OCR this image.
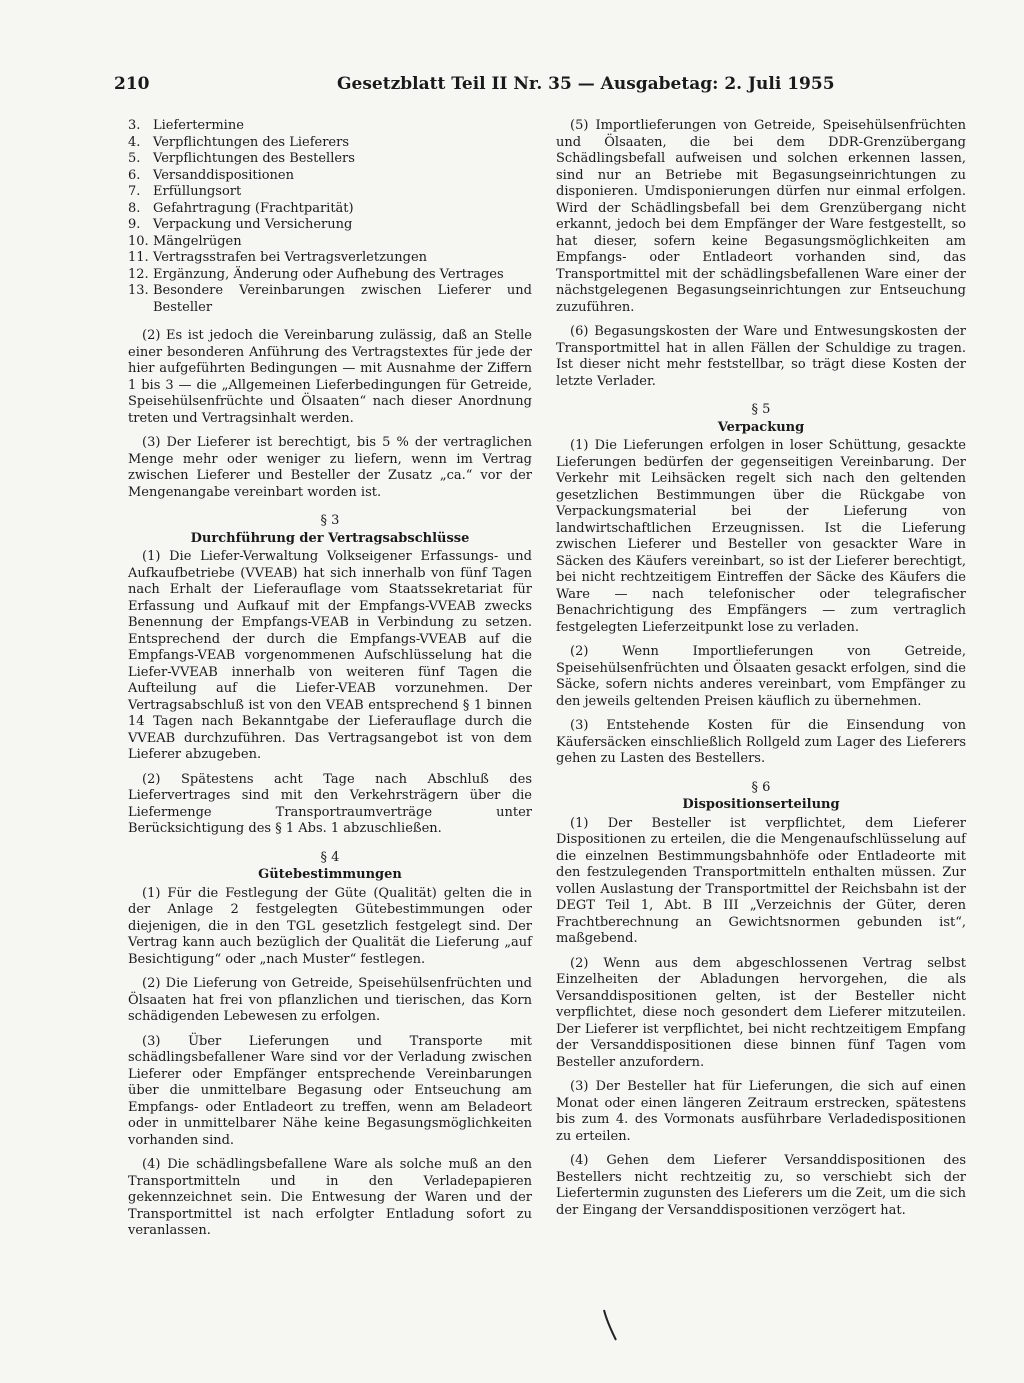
210	Gesetzblatt Teil II Nr. 35 — Ausgabetag: 2. Juli 1955
3. Liefertermine
4. Verpflichtungen des Lieferers
5. Verpflichtungen des Bestellers
6. Versanddispositionen
7. Erfüllungsort
8. Gefahrtragung (Frachtparität)
9. Verpackung und Versicherung
10. Mängelrügen
11. Vertragsstrafen bei Vertragsverletzungen
12. Ergänzung, Änderung oder Aufhebung des Vertrages
13. Besondere Vereinbarungen zwischen Lieferer und Besteller

(2) Es ist jedoch die Vereinbarung zulässig, daß an Stelle einer besonderen Anführung des Vertragstextes für jede der hier aufgeführten Bedingungen — mit Ausnahme der Ziffern 1 bis 3 — die „Allgemeinen Lieferbedingungen für Getreide, Speisehülsenfrüchte und Ölsaaten“ nach dieser Anordnung treten und Vertragsinhalt werden.

(3) Der Lieferer ist berechtigt, bis 5 % der vertraglichen Menge mehr oder weniger zu liefern, wenn im Vertrag zwischen Lieferer und Besteller der Zusatz „ca.“ vor der Mengenangabe vereinbart worden ist.

§ 3
Durchführung der Vertragsabschlüsse

(1) Die Liefer-Verwaltung Volkseigener Erfassungs- und Aufkaufbetriebe (VVEAB) hat sich innerhalb von fünf Tagen nach Erhalt der Lieferauflage vom Staatssekretariat für Erfassung und Aufkauf mit der Empfangs-VVEAB zwecks Benennung der Empfangs-VEAB in Verbindung zu setzen. Entsprechend der durch die Empfangs-VVEAB auf die Empfangs-VEAB vorgenommenen Aufschlüsselung hat die Liefer-VVEAB innerhalb von weiteren fünf Tagen die Aufteilung auf die Liefer-VEAB vorzunehmen. Der Vertragsabschluß ist von den VEAB entsprechend § 1 binnen 14 Tagen nach Bekanntgabe der Lieferauflage durch die VVEAB durchzuführen. Das Vertragsangebot ist von dem Lieferer abzugeben.

(2) Spätestens acht Tage nach Abschluß des Liefervertrages sind mit den Verkehrsträgern über die Liefermenge Transportraumverträge unter Berücksichtigung des § 1 Abs. 1 abzuschließen.

§ 4
Gütebestimmungen

(1) Für die Festlegung der Güte (Qualität) gelten die in der Anlage 2 festgelegten Gütebestimmungen oder diejenigen, die in den TGL gesetzlich festgelegt sind. Der Vertrag kann auch bezüglich der Qualität die Lieferung „auf Besichtigung“ oder „nach Muster“ festlegen.

(2) Die Lieferung von Getreide, Speisehülsenfrüchten und Ölsaaten hat frei von pflanzlichen und tierischen, das Korn schädigenden Lebewesen zu erfolgen.

(3) Über Lieferungen und Transporte mit schädlingsbefallener Ware sind vor der Verladung zwischen Lieferer oder Empfänger entsprechende Vereinbarungen über die unmittelbare Begasung oder Entseuchung am Empfangs- oder Entladeort zu treffen, wenn am Beladeort oder in unmittelbarer Nähe keine Begasungsmöglichkeiten vorhanden sind.

(4) Die schädlingsbefallene Ware als solche muß an den Transportmitteln und in den Verladepapieren gekennzeichnet sein. Die Entwesung der Waren und der Transportmittel ist nach erfolgter Entladung sofort zu veranlassen.

(5) Importlieferungen von Getreide, Speisehülsenfrüchten und Ölsaaten, die bei dem DDR-Grenzübergang Schädlingsbefall aufweisen und solchen erkennen lassen, sind nur an Betriebe mit Begasungseinrichtungen zu disponieren. Umdisponierungen dürfen nur einmal erfolgen. Wird der Schädlingsbefall bei dem Grenzübergang nicht erkannt, jedoch bei dem Empfänger der Ware festgestellt, so hat dieser, sofern keine Begasungsmöglichkeiten am Empfangs- oder Entladeort vorhanden sind, das Transportmittel mit der schädlingsbefallenen Ware einer der nächstgelegenen Begasungseinrichtungen zur Entseuchung zuzuführen.

(6) Begasungskosten der Ware und Entwesungskosten der Transportmittel hat in allen Fällen der Schuldige zu tragen. Ist dieser nicht mehr feststellbar, so trägt diese Kosten der letzte Verlader.

§ 5
Verpackung

(1) Die Lieferungen erfolgen in loser Schüttung, gesackte Lieferungen bedürfen der gegenseitigen Vereinbarung. Der Verkehr mit Leihsäcken regelt sich nach den geltenden gesetzlichen Bestimmungen über die Rückgabe von Verpackungsmaterial bei der Lieferung von landwirtschaftlichen Erzeugnissen. Ist die Lieferung zwischen Lieferer und Besteller von gesackter Ware in Säcken des Käufers vereinbart, so ist der Lieferer berechtigt, bei nicht rechtzeitigem Eintreffen der Säcke des Käufers die Ware — nach telefonischer oder telegrafischer Benachrichtigung des Empfängers — zum vertraglich festgelegten Lieferzeitpunkt lose zu verladen.

(2) Wenn Importlieferungen von Getreide, Speisehülsenfrüchten und Ölsaaten gesackt erfolgen, sind die Säcke, sofern nichts anderes vereinbart, vom Empfänger zu den jeweils geltenden Preisen käuflich zu übernehmen.

(3) Entstehende Kosten für die Einsendung von Käufersäcken einschließlich Rollgeld zum Lager des Lieferers gehen zu Lasten des Bestellers.

§ 6
Dispositionserteilung

(1) Der Besteller ist verpflichtet, dem Lieferer Dispositionen zu erteilen, die die Mengenaufschlüsselung auf die einzelnen Bestimmungsbahnhöfe oder Entladeorte mit den festzulegenden Transportmitteln enthalten müssen. Zur vollen Auslastung der Transportmittel der Reichsbahn ist der DEGT Teil 1, Abt. B III „Verzeichnis der Güter, deren Frachtberechnung an Gewichtsnormen gebunden ist“, maßgebend.

(2) Wenn aus dem abgeschlossenen Vertrag selbst Einzelheiten der Abladungen hervorgehen, die als Versanddispositionen gelten, ist der Besteller nicht verpflichtet, diese noch gesondert dem Lieferer mitzuteilen. Der Lieferer ist verpflichtet, bei nicht rechtzeitigem Empfang der Versanddispositionen diese binnen fünf Tagen vom Besteller anzufordern.

(3) Der Besteller hat für Lieferungen, die sich auf einen Monat oder einen längeren Zeitraum erstrecken, spätestens bis zum 4. des Vormonats ausführbare Verladedispositionen zu erteilen.

(4) Gehen dem Lieferer Versanddispositionen des Bestellers nicht rechtzeitig zu, so verschiebt sich der Liefertermin zugunsten des Lieferers um die Zeit, um die sich der Eingang der Versanddispositionen verzögert hat.
